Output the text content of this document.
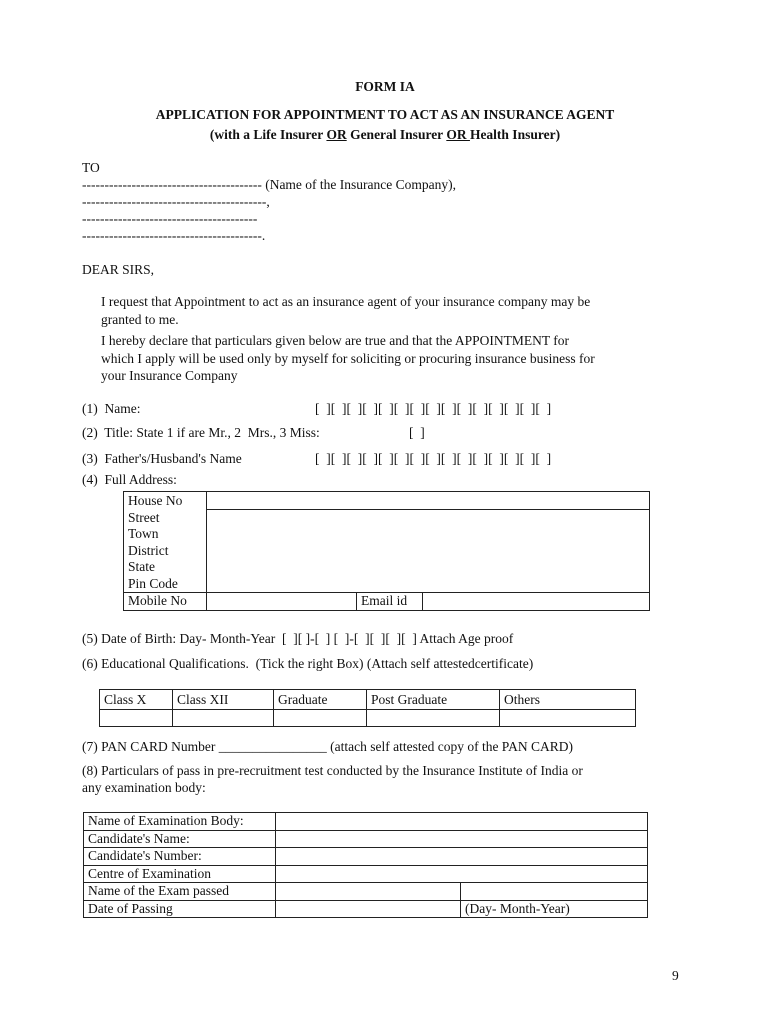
FORM IA
APPLICATION FOR APPOINTMENT TO ACT AS AN INSURANCE AGENT
(with a Life Insurer OR General Insurer OR Health Insurer)
TO
---------------------------------------- (Name of the Insurance Company),
-----------------------------------------,
---------------------------------------
----------------------------------------.
DEAR SIRS,
I request that Appointment to act as an insurance agent of your insurance company may be
granted to me.
I hereby declare that particulars given below are true and that the APPOINTMENT for
which I apply will be used only by myself for soliciting or procuring insurance business for
your Insurance Company
(1)  Name:	[  ][  ][  ][  ][  ][  ][  ][  ][  ][  ][  ][  ][  ][  ][  ]
(2)  Title: State 1 if are Mr., 2  Mrs., 3 Miss:	[  ]
(3)  Father's/Husband's Name	[  ][  ][  ][  ][  ][  ][  ][  ][  ][  ][  ][  ][  ][  ][  ]
(4)  Full Address:
House No			
Street			
Town			
District			
State			
Pin Code			
Mobile No		Email id	
(5) Date of Birth: Day- Month-Year  [  ][ ]-[  ] [  ]-[  ][  ][  ][  ] Attach Age proof
(6) Educational Qualifications.  (Tick the right Box) (Attach self attestedcertificate)
Class X	Class XII	Graduate	Post Graduate	Others

(7) PAN CARD Number ________________ (attach self attested copy of the PAN CARD)
(8) Particulars of pass in pre-recruitment test conducted by the Insurance Institute of India or
any examination body:
Name of Examination Body:		
Candidate's Name:		
Candidate's Number:		
Centre of Examination		
Name of the Exam passed		
Date of Passing		(Day- Month-Year)
9
